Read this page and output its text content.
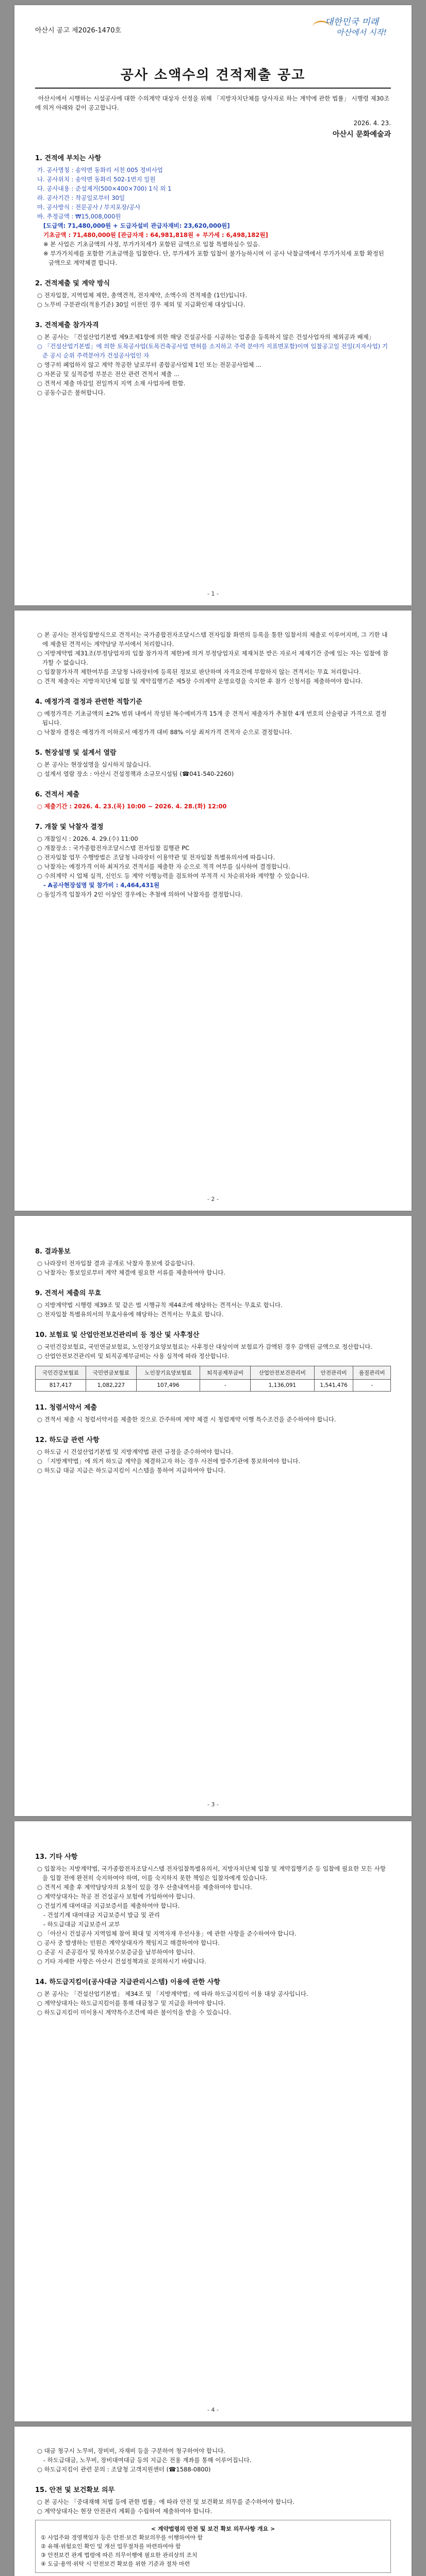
대한민국 미래
아산에서 시작!
아산시 공고 제2026-1470호
공사 소액수의 견적제출 공고

아산시에서 시행하는 시설공사에 대한 수의계약 대상자 선정을 위해 「지방자치단체를 당사자로 하는 계약에 관한 법률」 시행령 제30조에 의거 아래와 같이 공고합니다.

2026. 4. 23.

아산시 문화예술과

1. 견적에 부치는 사항

가. 공사명칭 : 송악면 동화리 서천 005 정비사업

나. 공사위치 : 송악면 동화리 502-1번지 일원

다. 공사내용 : 준설제거(500×400×700) 1식 외 1

라. 공사기간 : 착공일로부터 30일

마. 공사방식 : 전문공사 / 부지포장/공사

바. 추정금액 : ₩15,008,000원

[도급액: 71,480,000원 + 도급자설비 관급자재비: 23,620,000원]

기초금액 : 71,480,000원 [관급자재 : 64,981,818원 + 부가세 : 6,498,182원]

※ 본 사업은 기초금액의 사정, 부가가치세가 포함된 금액으로 입찰 특별하실수 있음.

※ 부가가치세를 포함한 기초금액을 입찰한다. 단, 부가세가 포함 입찰이 불가능하시며 이 공사 낙찰금액에서 부가가치세 포함 확정된 금액으로 계약체결 합니다.

2. 견적제출 및 계약 방식

○ 전자입찰, 지역업체 제한, 총액견적, 전자계약, 소액수의 견적제출 (1인)입니다.

○ 노무비 구분관리(적용기준) 30일 이전인 경우 제외 및 지급확인제 대상입니다.

3. 견적제출 참가자격

○ 본 공사는 「건설산업기본법 제9조제1항에 의한 해당 건설공사를 시공하는 업종을 등록하지 않은 건설사업자의 제외공과 배제」

○ 「건설산업기본법」에 의한 토목공사업(토목건축공사업 면허를 소지하고 주력 분야가 지표면포함)이며 입찰공고일 전일(지자사업) 기준 공시 순위 주력분야가 건설공사업인 자

○ 영구히 폐업하지 않고 계약 착공한 날로부터 종합공사업체 1인 또는 전문공사업체 ...

○ 자본금 및 실적증빙 부분은 전산 관련 견적서 제출 ...

○ 견적서 제출 마감일 전일까지 지역 소재 사업자에 한함.

○ 공동수급은 불허합니다.

- 1 -

○ 본 공사는 전자입찰방식으로 견적서는 국가종합전자조달시스템 전자입찰 화면의 등록을 통한 입찰서의 제출로 이루어지며, 그 기한 내에 제출된 견적서는 계약담당 부서에서 처리합니다.

○ 지방계약법 제31조(부정당업자의 입찰 참가자격 제한)에 의거 부정당업자로 제재처분 받은 자로서 제재기간 중에 있는 자는 입찰에 참가할 수 없습니다.

○ 입찰참가자격 제한여부를 조달청 나라장터에 등록된 정보로 판단하며 자격요건에 부합하지 않는 견적서는 무효 처리합니다.

○ 견적 제출자는 지방자치단체 입찰 및 계약집행기준 제5장 수의계약 운영요령을 숙지한 후 참가 신청서를 제출하여야 합니다.

4. 예정가격 결정과 관련한 적합기준

○ 예정가격은 기초금액의 ±2% 범위 내에서 작성된 복수예비가격 15개 중 견적서 제출자가 추첨한 4개 번호의 산술평균 가격으로 결정됩니다.

○ 낙찰자 결정은 예정가격 이하로서 예정가격 대비 88% 이상 최저가격 견적자 순으로 결정합니다.

5. 현장설명 및 설계서 열람

○ 본 공사는 현장설명을 실시하지 않습니다.

○ 설계서 열람 장소 : 아산시 건설정책과 소규모시설팀 (☎041-540-2260)

6. 견적서 제출

○ 제출기간 : 2026. 4. 23.(목) 10:00 ~ 2026. 4. 28.(화) 12:00

7. 개찰 및 낙찰자 결정

○ 개찰일시 : 2026. 4. 29.(수) 11:00

○ 개찰장소 : 국가종합전자조달시스템 전자입찰 집행관 PC

○ 전자입찰 업무 수행방법은 조달청 나라장터 이용약관 및 전자입찰 특별유의서에 따릅니다.

○ 낙찰자는 예정가격 이하 최저가로 견적서를 제출한 자 순으로 적격 여부를 심사하여 결정합니다.

○ 수의계약 시 업체 실적, 신인도 등 계약 이행능력을 검토하여 부적격 시 차순위자와 계약할 수 있습니다.

- A공사현장설명 및 참가비 : 4,464,431원

○ 동일가격 입찰자가 2인 이상인 경우에는 추첨에 의하여 낙찰자를 결정합니다.

- 2 -
8. 결과통보

○ 나라장터 전자입찰 결과 공개로 낙찰자 통보에 갈음합니다.

○ 낙찰자는 통보일로부터 계약 체결에 필요한 서류를 제출하여야 합니다.

9. 견적서 제출의 무효

○ 지방계약법 시행령 제39조 및 같은 법 시행규칙 제44조에 해당하는 견적서는 무효로 합니다.

○ 전자입찰 특별유의서의 무효사유에 해당하는 견적서는 무효로 합니다.

10. 보험료 및 산업안전보건관리비 등 정산 및 사후정산

○ 국민건강보험료, 국민연금보험료, 노인장기요양보험료는 사후정산 대상이며 보험료가 감액된 경우 감액된 금액으로 정산합니다.

○ 산업안전보건관리비 및 퇴직공제부금비는 사용 실적에 따라 정산합니다.

국민건강보험료	국민연금보험료	노인장기요양보험료	퇴직공제부금비	산업안전보건관리비	안전관리비	품질관리비
817,417	1,082,227	107,496	-	1,136,091	1,541,476	-
11. 청렴서약서 제출

○ 견적서 제출 시 청렴서약서를 제출한 것으로 간주하며 계약 체결 시 청렴계약 이행 특수조건을 준수하여야 합니다.

12. 하도급 관련 사항

○ 하도급 시 건설산업기본법 및 지방계약법 관련 규정을 준수하여야 합니다.

○ 「지방계약법」에 의거 하도급 계약을 체결하고자 하는 경우 사전에 발주기관에 통보하여야 합니다.

○ 하도급 대금 지급은 하도급지킴이 시스템을 통하여 지급하여야 합니다.

- 3 -
13. 기타 사항

○ 입찰자는 지방계약법, 국가종합전자조달시스템 전자입찰특별유의서, 지방자치단체 입찰 및 계약집행기준 등 입찰에 필요한 모든 사항을 입찰 전에 완전히 숙지하여야 하며, 이를 숙지하지 못한 책임은 입찰자에게 있습니다.

○ 견적서 제출 후 계약담당자의 요청이 있을 경우 산출내역서를 제출하여야 합니다.

○ 계약상대자는 착공 전 건설공사 보험에 가입하여야 합니다.

○ 건설기계 대여대금 지급보증서를 제출하여야 합니다.

- 건설기계 대여대금 지급보증서 발급 및 관리

- 하도급대금 지급보증서 교부

○ 「아산시 건설공사 지역업체 참여 확대 및 지역자재 우선사용」에 관한 사항을 준수하여야 합니다.

○ 공사 중 발생하는 민원은 계약상대자가 책임지고 해결하여야 합니다.

○ 준공 시 준공검사 및 하자보수보증금을 납부하여야 합니다.

○ 기타 자세한 사항은 아산시 건설정책과로 문의하시기 바랍니다.

14. 하도급지킴이(공사대금 지급관리시스템) 이용에 관한 사항

○ 본 공사는 「건설산업기본법」 제34조 및 「지방계약법」에 따라 하도급지킴이 이용 대상 공사입니다.

○ 계약상대자는 하도급지킴이를 통해 대금청구 및 지급을 하여야 합니다.

○ 하도급지킴이 미이용시 계약특수조건에 따른 불이익을 받을 수 있습니다.

- 4 -

○ 대금 청구시 노무비, 장비비, 자재비 등을 구분하여 청구하여야 합니다.

- 하도급대금, 노무비, 장비대여대금 등의 지급은 전용 계좌를 통해 이루어집니다.

○ 하도급지킴이 관련 문의 : 조달청 고객지원센터 (☎1588-0800)

15. 안전 및 보건확보 의무

○ 본 공사는 「중대재해 처벌 등에 관한 법률」에 따라 안전 및 보건확보 의무를 준수하여야 합니다.

○ 계약상대자는 현장 안전관리 계획을 수립하여 제출하여야 합니다.

< 계약법령의 안전 및 보건 확보 의무사항 개요 >
① 사업주와 경영책임자 등은 안전·보건 확보의무를 이행하여야 함
② 유해·위험요인 확인 및 개선 업무절차를 마련하여야 함
③ 안전보건 관계 법령에 따른 의무이행에 필요한 관리상의 조치
④ 도급·용역·위탁 시 안전보건 확보를 위한 기준과 절차 마련
